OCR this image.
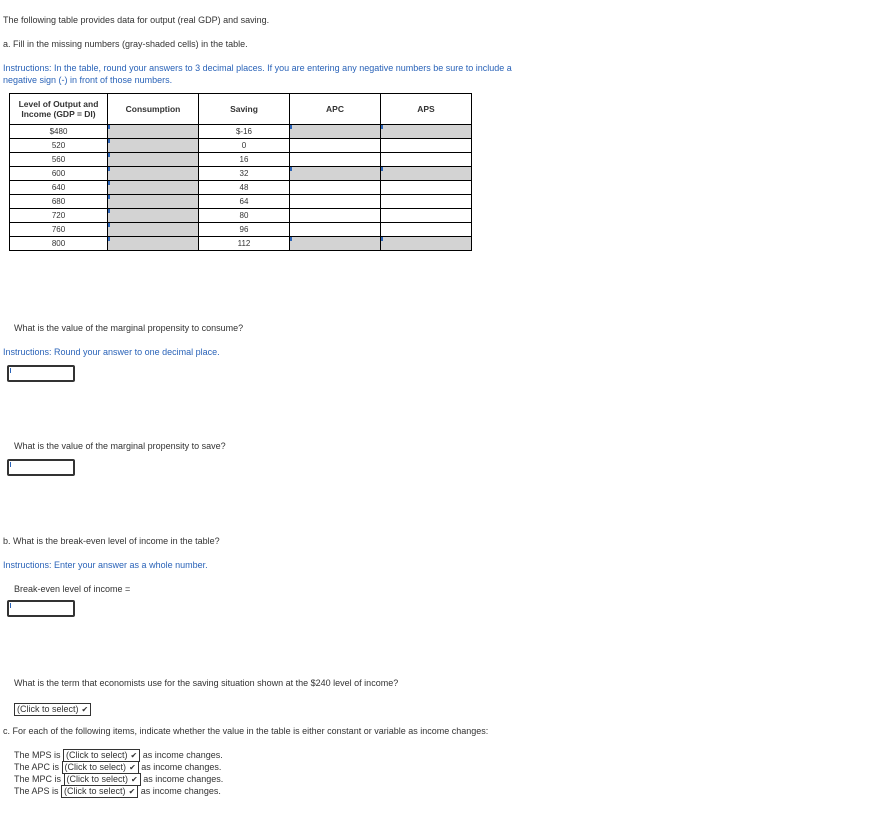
The following table provides data for output (real GDP) and saving.
a. Fill in the missing numbers (gray-shaded cells) in the table.
Instructions: In the table, round your answers to 3 decimal places. If you are entering any negative numbers be sure to include a
negative sign (-) in front of those numbers.
Level of Output and Income (GDP = DI)	Consumption	Saving	APC	APS
$480		$-16		
520		0		
560		16		
600		32		
640		48		
680		64		
720		80		
760		96		
800		112		
What is the value of the marginal propensity to consume?
Instructions: Round your answer to one decimal place.
What is the value of the marginal propensity to save?
b. What is the break-even level of income in the table?
Instructions: Enter your answer as a whole number.
Break-even level of income =
What is the term that economists use for the saving situation shown at the $240 level of income?
(Click to select) ✔︎
c. For each of the following items, indicate whether the value in the table is either constant or variable as income changes:
The MPS is (Click to select) ✔︎ as income changes.
The APC is (Click to select) ✔︎ as income changes.
The MPC is (Click to select) ✔︎ as income changes.
The APS is (Click to select) ✔︎ as income changes.
